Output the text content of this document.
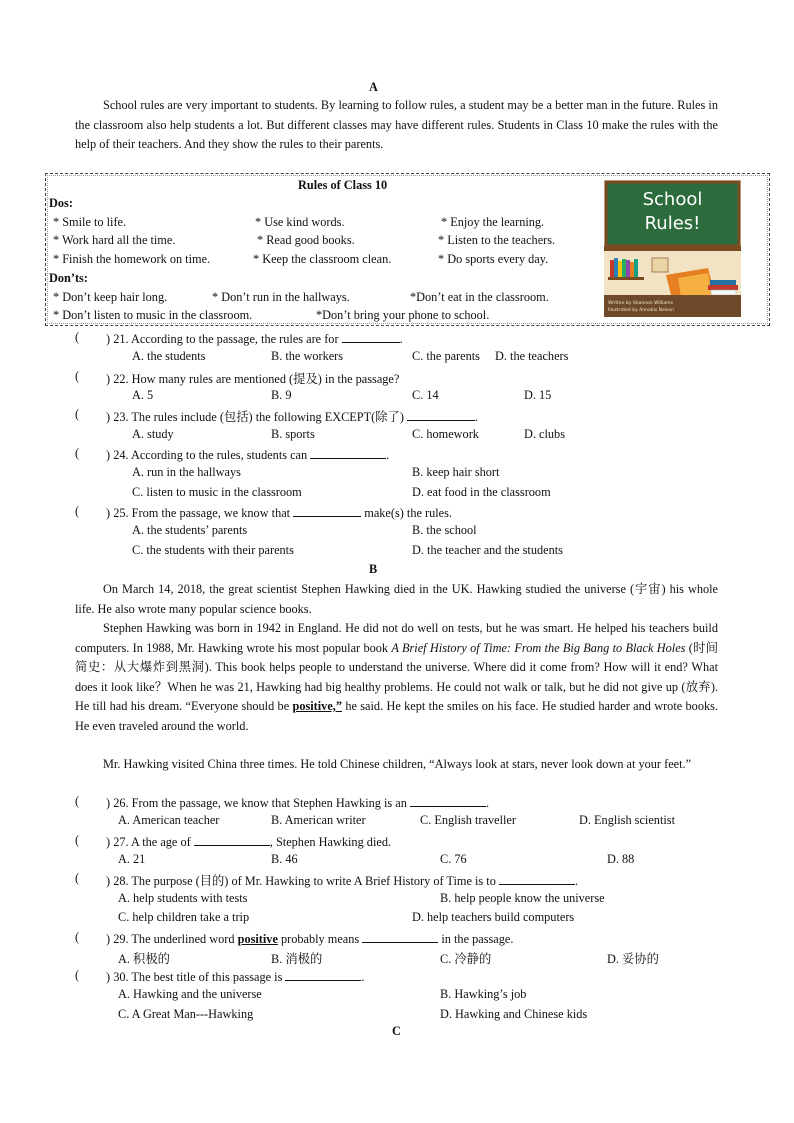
A
School rules are very important to students. By learning to follow rules, a student may be a better man in the future. Rules in the classroom also help students a lot. But different classes may have different rules. Students in Class 10 make the rules with the help of their teachers. And they show the rules to their parents.
Rules of Class 10
Dos:
* Smile to life.	* Use kind words.	* Enjoy the learning.
* Work hard all the time.	* Read good books.	* Listen to the teachers.
* Finish the homework on time.	* Keep the classroom clean.	* Do sports every day.
Don’ts:
* Don’t keep hair long.	* Don’t run in the hallways.	*Don’t eat in the classroom.
* Don’t listen to music in the classroom.	*Don’t bring your phone to school.
School
Rules!
Written by Shannon Williams
Illustrated by Annabis Nelson
( ) 21. According to the passage, the rules are for	.
A. the students	B. the workers	C. the parents D. the teachers
( ) 22. How many rules are mentioned (提及) in the passage?
A. 5	B. 9	C. 14	D. 15
( ) 23. The rules include (包括) the following EXCEPT(除了)	.
A. study	B. sports	C. homework	D. clubs
( ) 24. According to the rules, students can	.
A. run in the hallways	B. keep hair short
C. listen to music in the classroom	D. eat food in the classroom
( ) 25. From the passage, we know that	make(s) the rules.
A. the students’ parents	B. the school
C. the students with their parents	D. the teacher and the students
B
On March 14, 2018, the great scientist Stephen Hawking died in the UK. Hawking studied the universe (宇宙) his whole life. He also wrote many popular science books.
Stephen Hawking was born in 1942 in England. He did not do well on tests, but he was smart. He helped his teachers build computers. In 1988, Mr. Hawking wrote his most popular book A Brief History of Time: From the Big Bang to Black Holes (时间简史：从大爆炸到黑洞). This book helps people to understand the universe. Where did it come from? How will it end? What does it look like？When he was 21, Hawking had big healthy problems. He could not walk or talk, but he did not give up (放弃). He till had his dream. “Everyone should be positive,” he said. He kept the smiles on his face. He studied harder and wrote books. He even traveled around the world.
Mr. Hawking visited China three times. He told Chinese children, “Always look at stars, never look down at your feet.”
( ) 26. From the passage, we know that Stephen Hawking is an	.
A. American teacher	B. American writer	C. English traveller	D. English scientist
( ) 27. A the age of	, Stephen Hawking died.
A. 21	B. 46	C. 76	D. 88
( ) 28. The purpose (目的) of Mr. Hawking to write A Brief History of Time is to	.
A. help students with tests	B. help people know the universe
C. help children take a trip	D. help teachers build computers
( ) 29. The underlined word positive probably means	in the passage.
A. 积极的	B. 消极的	C. 冷静的	D. 妥协的
( ) 30. The best title of this passage is	.
A. Hawking and the universe	B. Hawking’s job
C. A Great Man---Hawking	D. Hawking and Chinese kids
C
